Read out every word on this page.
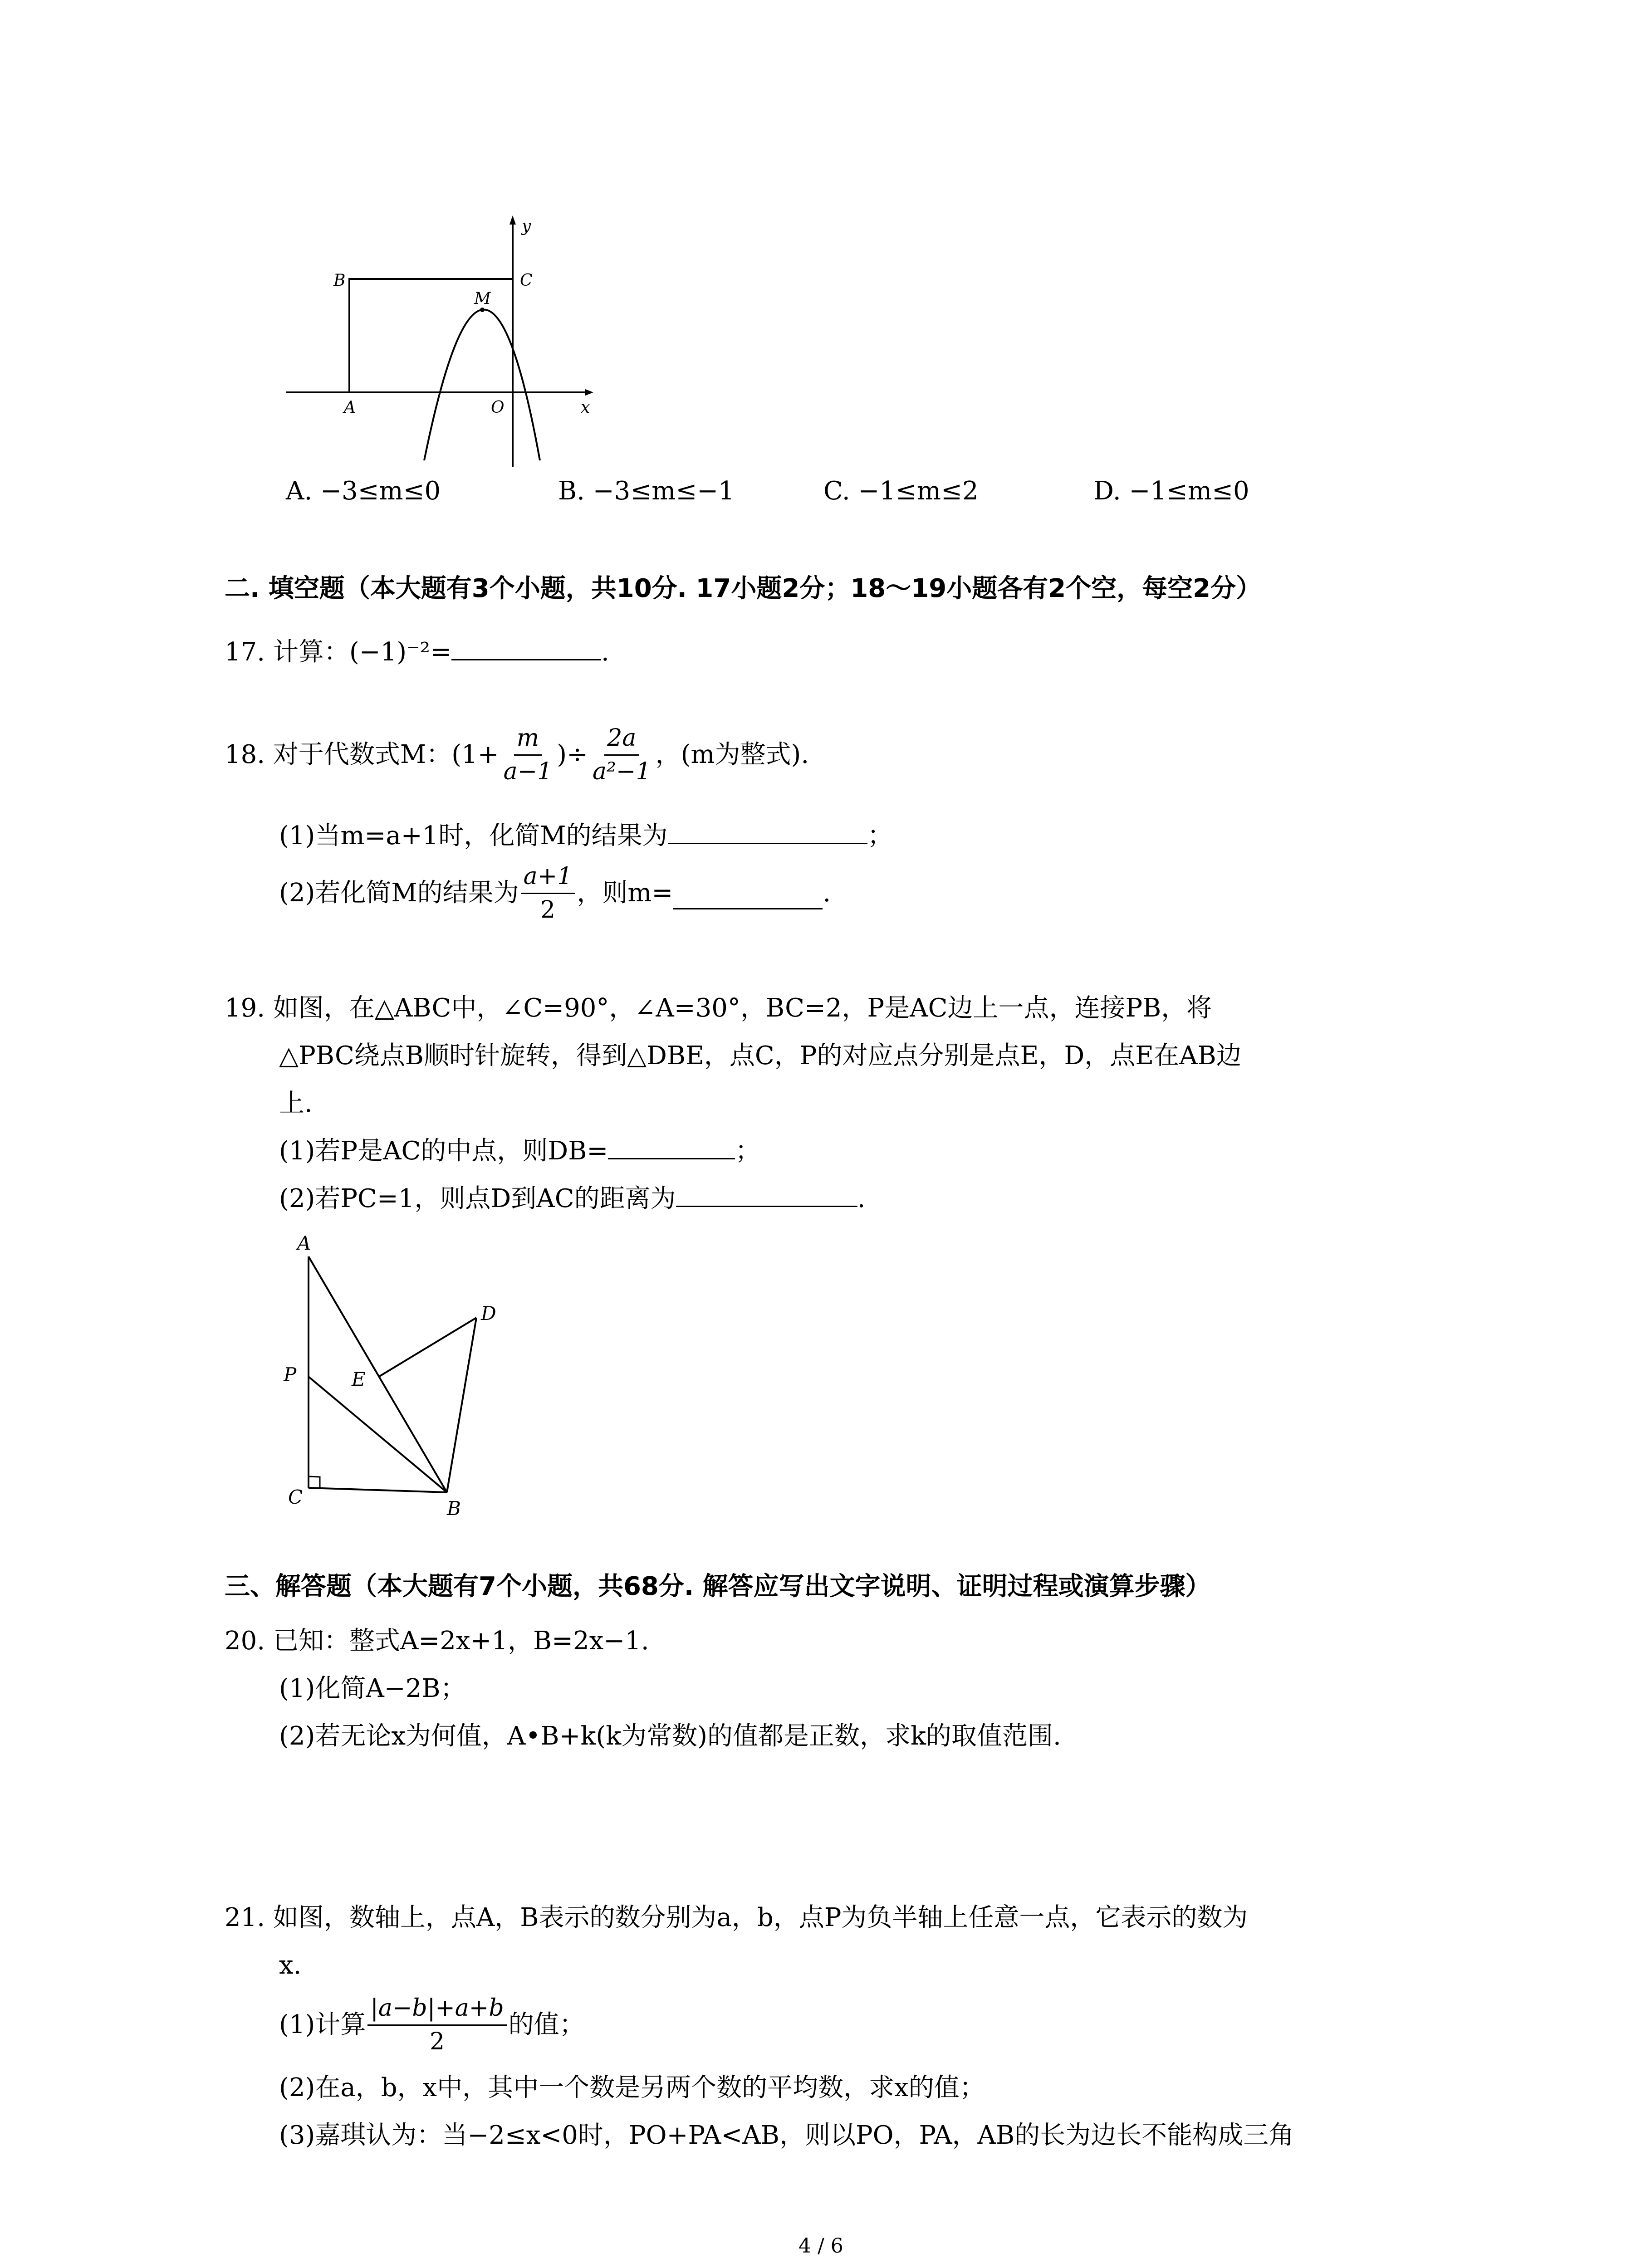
B	C
M
A	O	x
y
A. −3≤m≤0	B. −3≤m≤−1	C. −1≤m≤2	D. −1≤m≤0
二. 填空题（本大题有3个小题，共10分. 17小题2分；18～19小题各有2个空，每空2分）
17. 计算：(−1)⁻²=	.
18. 对于代数式M：($1+ \frac{m}{a-1}$ )÷ $\frac{2a}{\text{a²−1}}$ ，(m为整式).
(1)当m=a+1时，化简M的结果为	；
(2)若化简M的结果为 $\frac{a+1}{2}$ ，则m=	.
19. 如图，在△ABC中，∠C=90°，∠A=30°，BC=2，P是AC边上一点，连接PB，将
△PBC绕点B顺时针旋转，得到△DBE，点C，P的对应点分别是点E，D，点E在AB边
上.
(1)若P是AC的中点，则DB=	；
(2)若PC=1，则点D到AC的距离为	.
A
D
P	E
C
B
三、解答题（本大题有7个小题，共68分. 解答应写出文字说明、证明过程或演算步骤）
20. 已知：整式A=2x+1，B=2x−1.
(1)化简A−2B；
(2)若无论x为何值，A•B+k(k为常数)的值都是正数，求k的取值范围.
21. 如图，数轴上，点A，B表示的数分别为a，b，点P为负半轴上任意一点，它表示的数为
x.
(1)计算 $\frac{|a-b|+a+b}{2}$ 的值；
(2)在a，b，x中，其中一个数是另两个数的平均数，求x的值；
(3)嘉琪认为：当−2≤x<0时，PO+PA<AB，则以PO，PA，AB的长为边长不能构成三角
4 / 6
